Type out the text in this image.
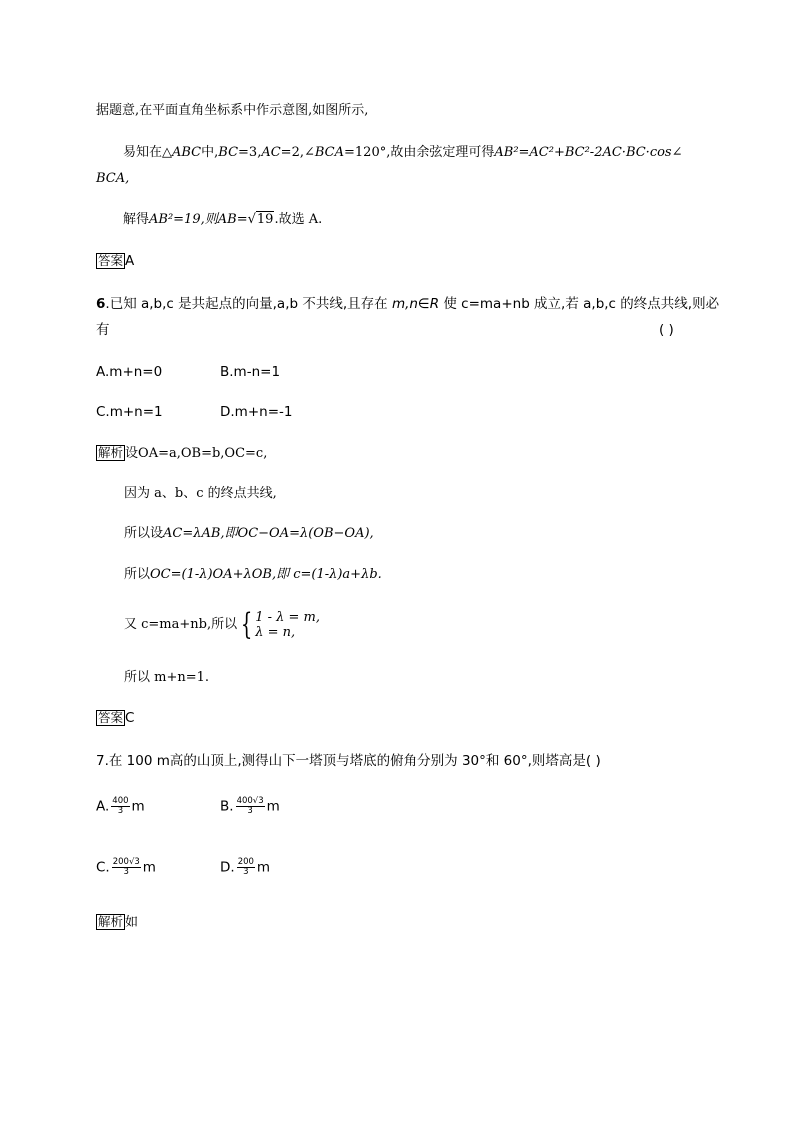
据题意,在平面直角坐标系中作示意图,如图所示,
易知在△ABC中,BC=3,AC=2,∠BCA=120°,故由余弦定理可得AB²=AC²+BC²-2AC·BC·cos∠
BCA,
解得AB²=19,则AB=√19.故选 A.
答案 A
6.已知 a,b,c 是共起点的向量,a,b 不共线,且存在 m,n∈R 使 c=ma+nb 成立,若 a,b,c 的终点共线,则必
有	( )
A.m+n=0	B.m-n=1
C.m+n=1	D.m+n=-1
解析 设OA=a,OB=b,OC=c,
因为 a、b、c 的终点共线,
所以设AC=λAB,即OC−OA=λ(OB−OA),
所以OC=(1-λ)OA+λOB,即 c=(1-λ)a+λb.
又 c=ma+nb,所以 { 1 - λ = m,
λ = n,
所以 m+n=1.
答案 C
7.在 100 m高的山顶上,测得山下一塔顶与塔底的俯角分别为 30°和 60°,则塔高是( )
A. $\frac{400}{3}$ m	B. $\frac{400√3}{3}$ m
C. $\frac{200√3}{3}$ m	D. $\frac{200}{3}$ m
解析 如
